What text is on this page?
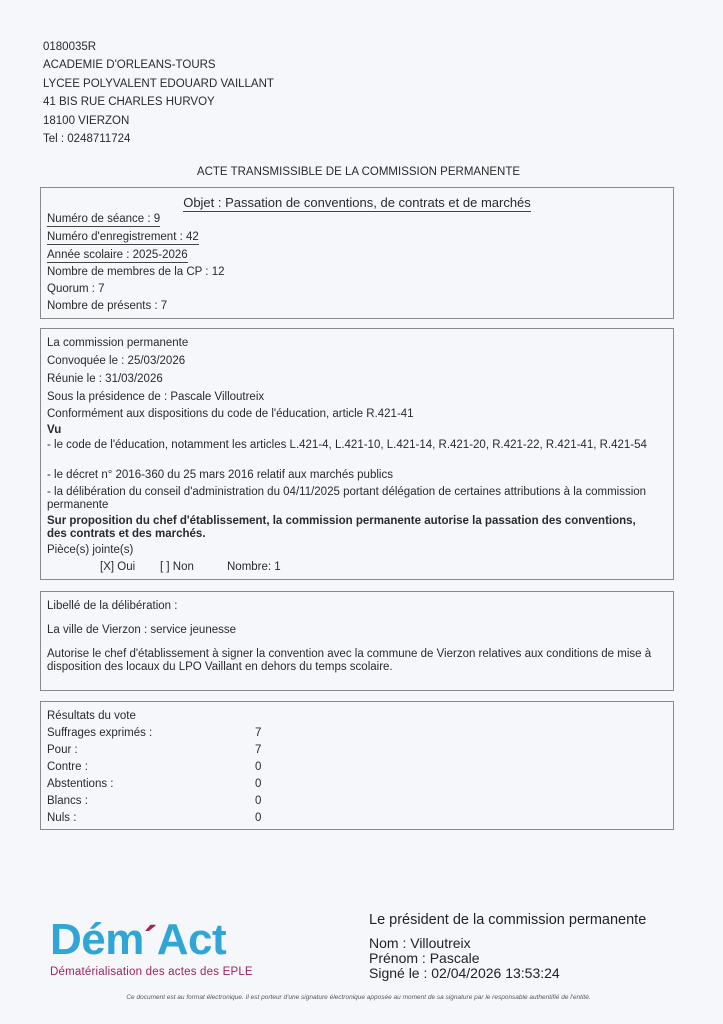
0180035R
ACADEMIE D'ORLEANS-TOURS
LYCEE POLYVALENT EDOUARD VAILLANT
41 BIS RUE CHARLES HURVOY
18100 VIERZON
Tel : 0248711724
ACTE TRANSMISSIBLE DE LA COMMISSION PERMANENTE
Objet : Passation de conventions, de contrats et de marchés
Numéro de séance : 9
Numéro d'enregistrement : 42
Année scolaire : 2025-2026
Nombre de membres de la CP : 12
Quorum : 7
Nombre de présents : 7
La commission permanente
Convoquée le : 25/03/2026
Réunie le : 31/03/2026
Sous la présidence de : Pascale Villoutreix
Conformément aux dispositions du code de l'éducation, article R.421-41
Vu
- le code de l'éducation, notamment les articles L.421-4, L.421-10, L.421-14, R.421-20, R.421-22, R.421-41, R.421-54
- le décret n° 2016-360 du 25 mars 2016 relatif aux marchés publics
- la délibération du conseil d'administration du 04/11/2025 portant délégation de certaines attributions à la commission permanente
Sur proposition du chef d'établissement, la commission permanente autorise la passation des conventions, des contrats et des marchés.
Pièce(s) jointe(s)
[X] Oui [ ] Non	Nombre: 1
Libellé de la délibération :
La ville de Vierzon : service jeunesse
Autorise le chef d'établissement à signer la convention avec la commune de Vierzon relatives aux conditions de mise à disposition des locaux du LPO Vaillant en dehors du temps scolaire.
Résultats du vote
Suffrages exprimés :	7
Pour :	7
Contre :	0
Abstentions :	0
Blancs :	0
Nuls :	0
Dém´Act
Dématérialisation des actes des EPLE
Le président de la commission permanente
Nom : Villoutreix
Prénom : Pascale
Signé le : 02/04/2026 13:53:24
Ce document est au format électronique. Il est porteur d'une signature électronique apposée au moment de sa signature par le responsable authentifié de l'entité.
